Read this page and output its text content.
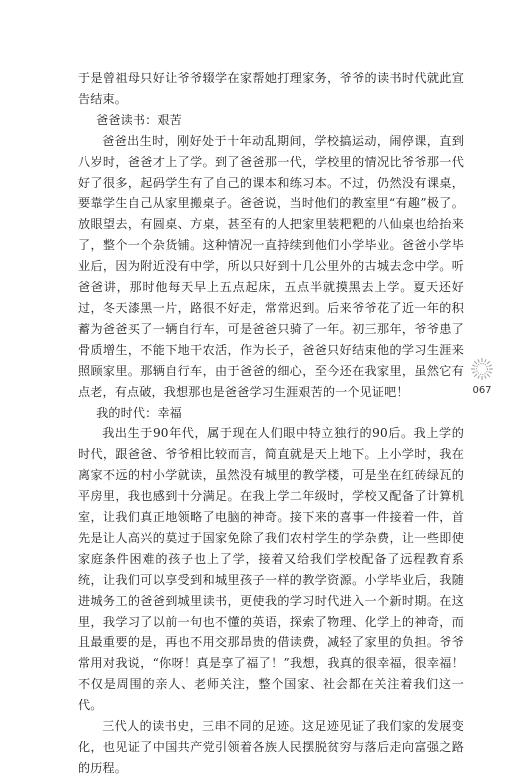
于是曾祖母只好让爷爷辍学在家帮她打理家务，爷爷的读书时代就此宣告结束。

爸爸读书：艰苦

爸爸出生时，刚好处于十年动乱期间，学校搞运动，闹停课，直到八岁时，爸爸才上了学。到了爸爸那一代，学校里的情况比爷爷那一代好了很多，起码学生有了自己的课本和练习本。不过，仍然没有课桌，要靠学生自己从家里搬桌子。爸爸说，当时他们的教室里“有趣”极了。放眼望去，有圆桌、方桌，甚至有的人把家里装粑粑的八仙桌也给抬来了，整个一个杂货铺。这种情况一直持续到他们小学毕业。爸爸小学毕业后，因为附近没有中学，所以只好到十几公里外的古城去念中学。听爸爸讲，那时他每天早上五点起床，五点半就摸黑去上学。夏天还好过，冬天漆黑一片，路很不好走，常常迟到。后来爷爷花了近一年的积蓄为爸爸买了一辆自行车，可是爸爸只骑了一年。初三那年，爷爷患了骨质增生，不能下地干农活，作为长子，爸爸只好结束他的学习生涯来照顾家里。那辆自行车，由于爸爸的细心，至今还在我家里，虽然它有点老，有点破，我想那也是爸爸学习生涯艰苦的一个见证吧！

我的时代：幸福

我出生于90年代，属于现在人们眼中特立独行的90后。我上学的时代，跟爸爸、爷爷相比较而言，简直就是天上地下。上小学时，我在离家不远的村小学就读，虽然没有城里的教学楼，可是坐在红砖绿瓦的平房里，我也感到十分满足。在我上学二年级时，学校又配备了计算机室，让我们真正地领略了电脑的神奇。接下来的喜事一件接着一件，首先是让人高兴的莫过于国家免除了我们农村学生的学杂费，让一些即使家庭条件困难的孩子也上了学，接着又给我们学校配备了远程教育系统，让我们可以享受到和城里孩子一样的教学资源。小学毕业后，我随进城务工的爸爸到城里读书，更使我的学习时代进入一个新时期。在这里，我学习了以前一句也不懂的英语，探索了物理、化学上的神奇，而且最重要的是，再也不用交那昂贵的借读费，减轻了家里的负担。爷爷常用对我说，“你呀！真是享了福了！”我想，我真的很幸福，很幸福！不仅是周围的亲人、老师关注，整个国家、社会都在关注着我们这一代。

三代人的读书史，三串不同的足迹。这足迹见证了我们家的发展变化，也见证了中国共产党引领着各族人民摆脱贫穷与落后走向富强之路的历程。

067
